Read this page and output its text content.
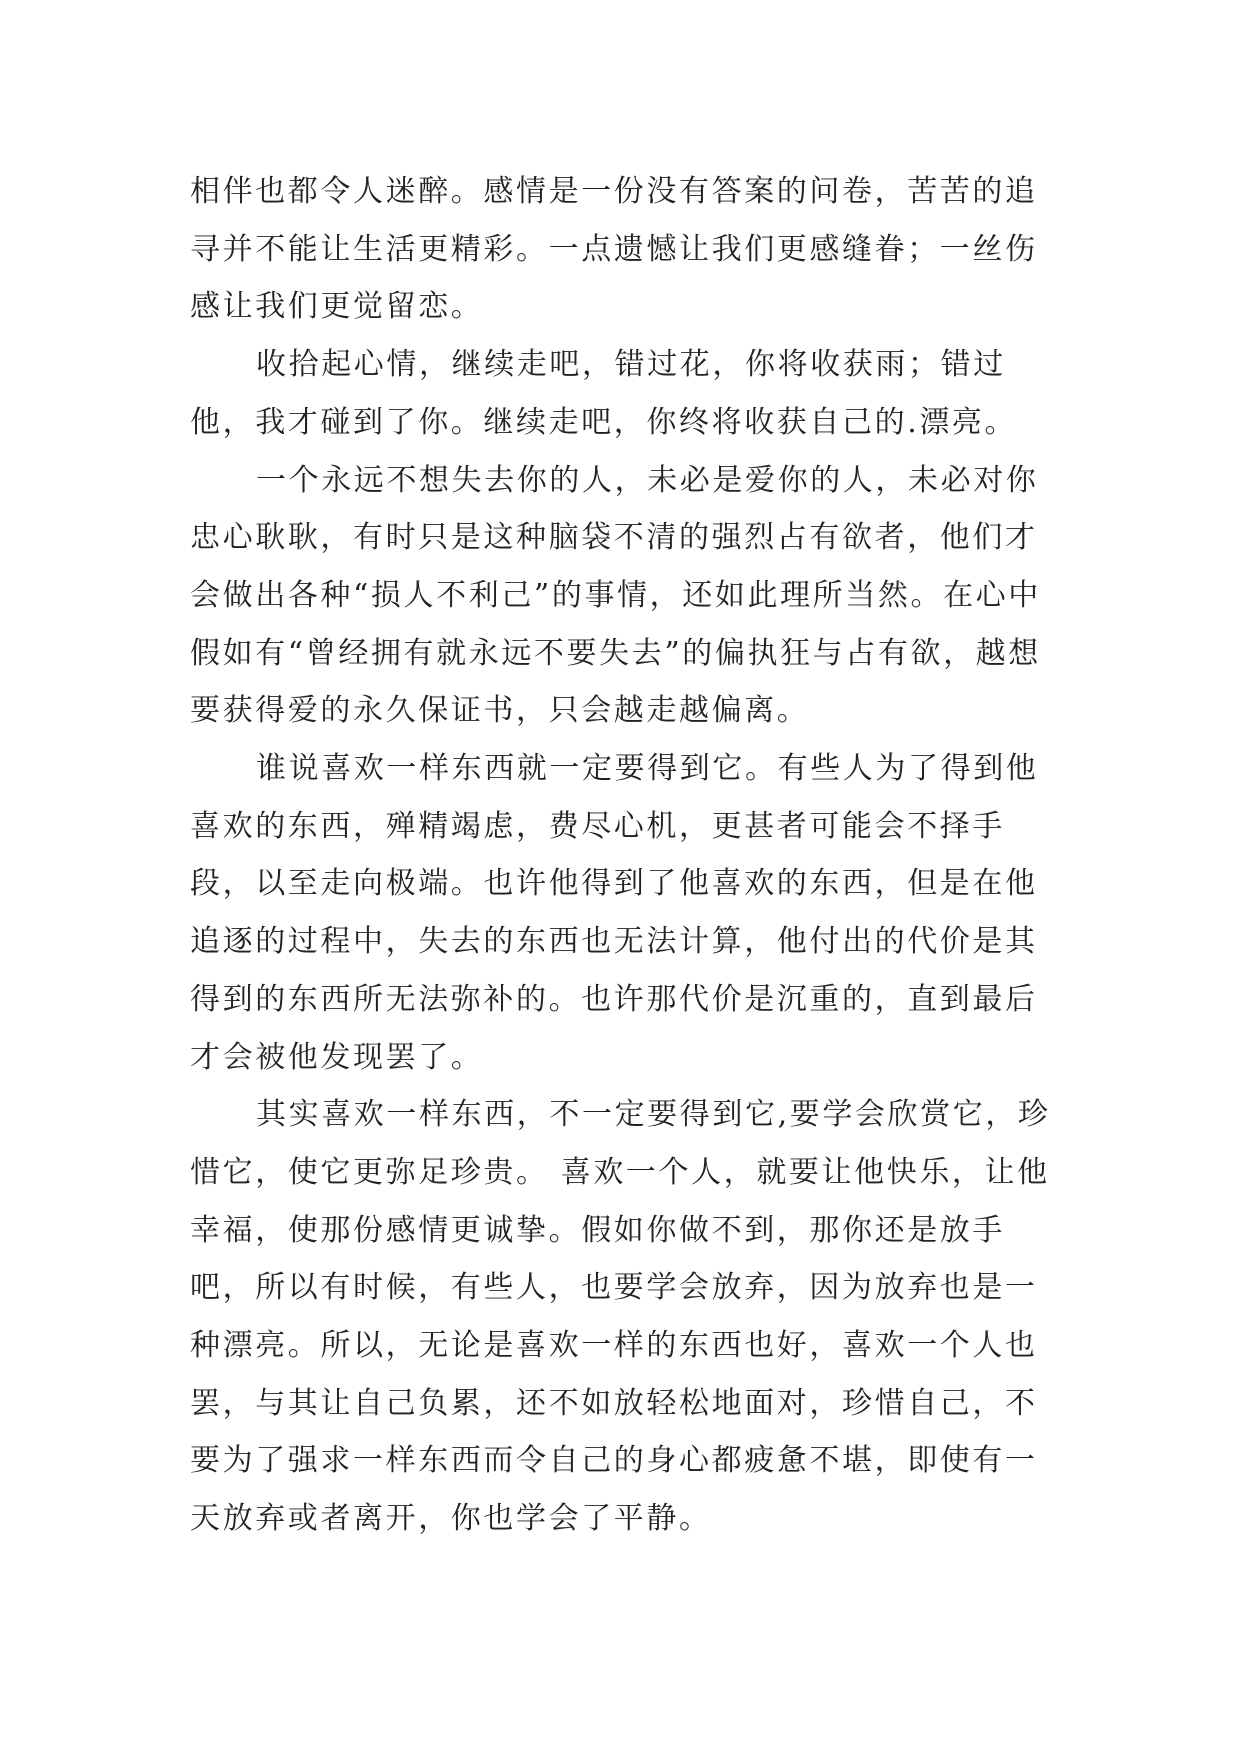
相伴也都令人迷醉。感情是一份没有答案的问卷，苦苦的追寻并不能让生活更精彩。一点遗憾让我们更感缝眷；一丝伤感让我们更觉留恋。

收拾起心情，继续走吧，错过花，你将收获雨；错过他，我才碰到了你。继续走吧，你终将收获自己的.漂亮。

一个永远不想失去你的人，未必是爱你的人，未必对你忠心耿耿，有时只是这种脑袋不清的强烈占有欲者，他们才会做出各种“损人不利己”的事情，还如此理所当然。在心中假如有“曾经拥有就永远不要失去”的偏执狂与占有欲，越想要获得爱的永久保证书，只会越走越偏离。

谁说喜欢一样东西就一定要得到它。有些人为了得到他喜欢的东西，殚精竭虑，费尽心机，更甚者可能会不择手段，以至走向极端。也许他得到了他喜欢的东西，但是在他追逐的过程中，失去的东西也无法计算，他付出的代价是其得到的东西所无法弥补的。也许那代价是沉重的，直到最后才会被他发现罢了。

其实喜欢一样东西，不一定要得到它,要学会欣赏它，珍惜它，使它更弥足珍贵。 喜欢一个人，就要让他快乐，让他幸福，使那份感情更诚挚。假如你做不到，那你还是放手吧，所以有时候，有些人，也要学会放弃，因为放弃也是一种漂亮。所以，无论是喜欢一样的东西也好，喜欢一个人也罢，与其让自己负累，还不如放轻松地面对，珍惜自己，不要为了强求一样东西而令自己的身心都疲惫不堪，即使有一天放弃或者离开，你也学会了平静。
